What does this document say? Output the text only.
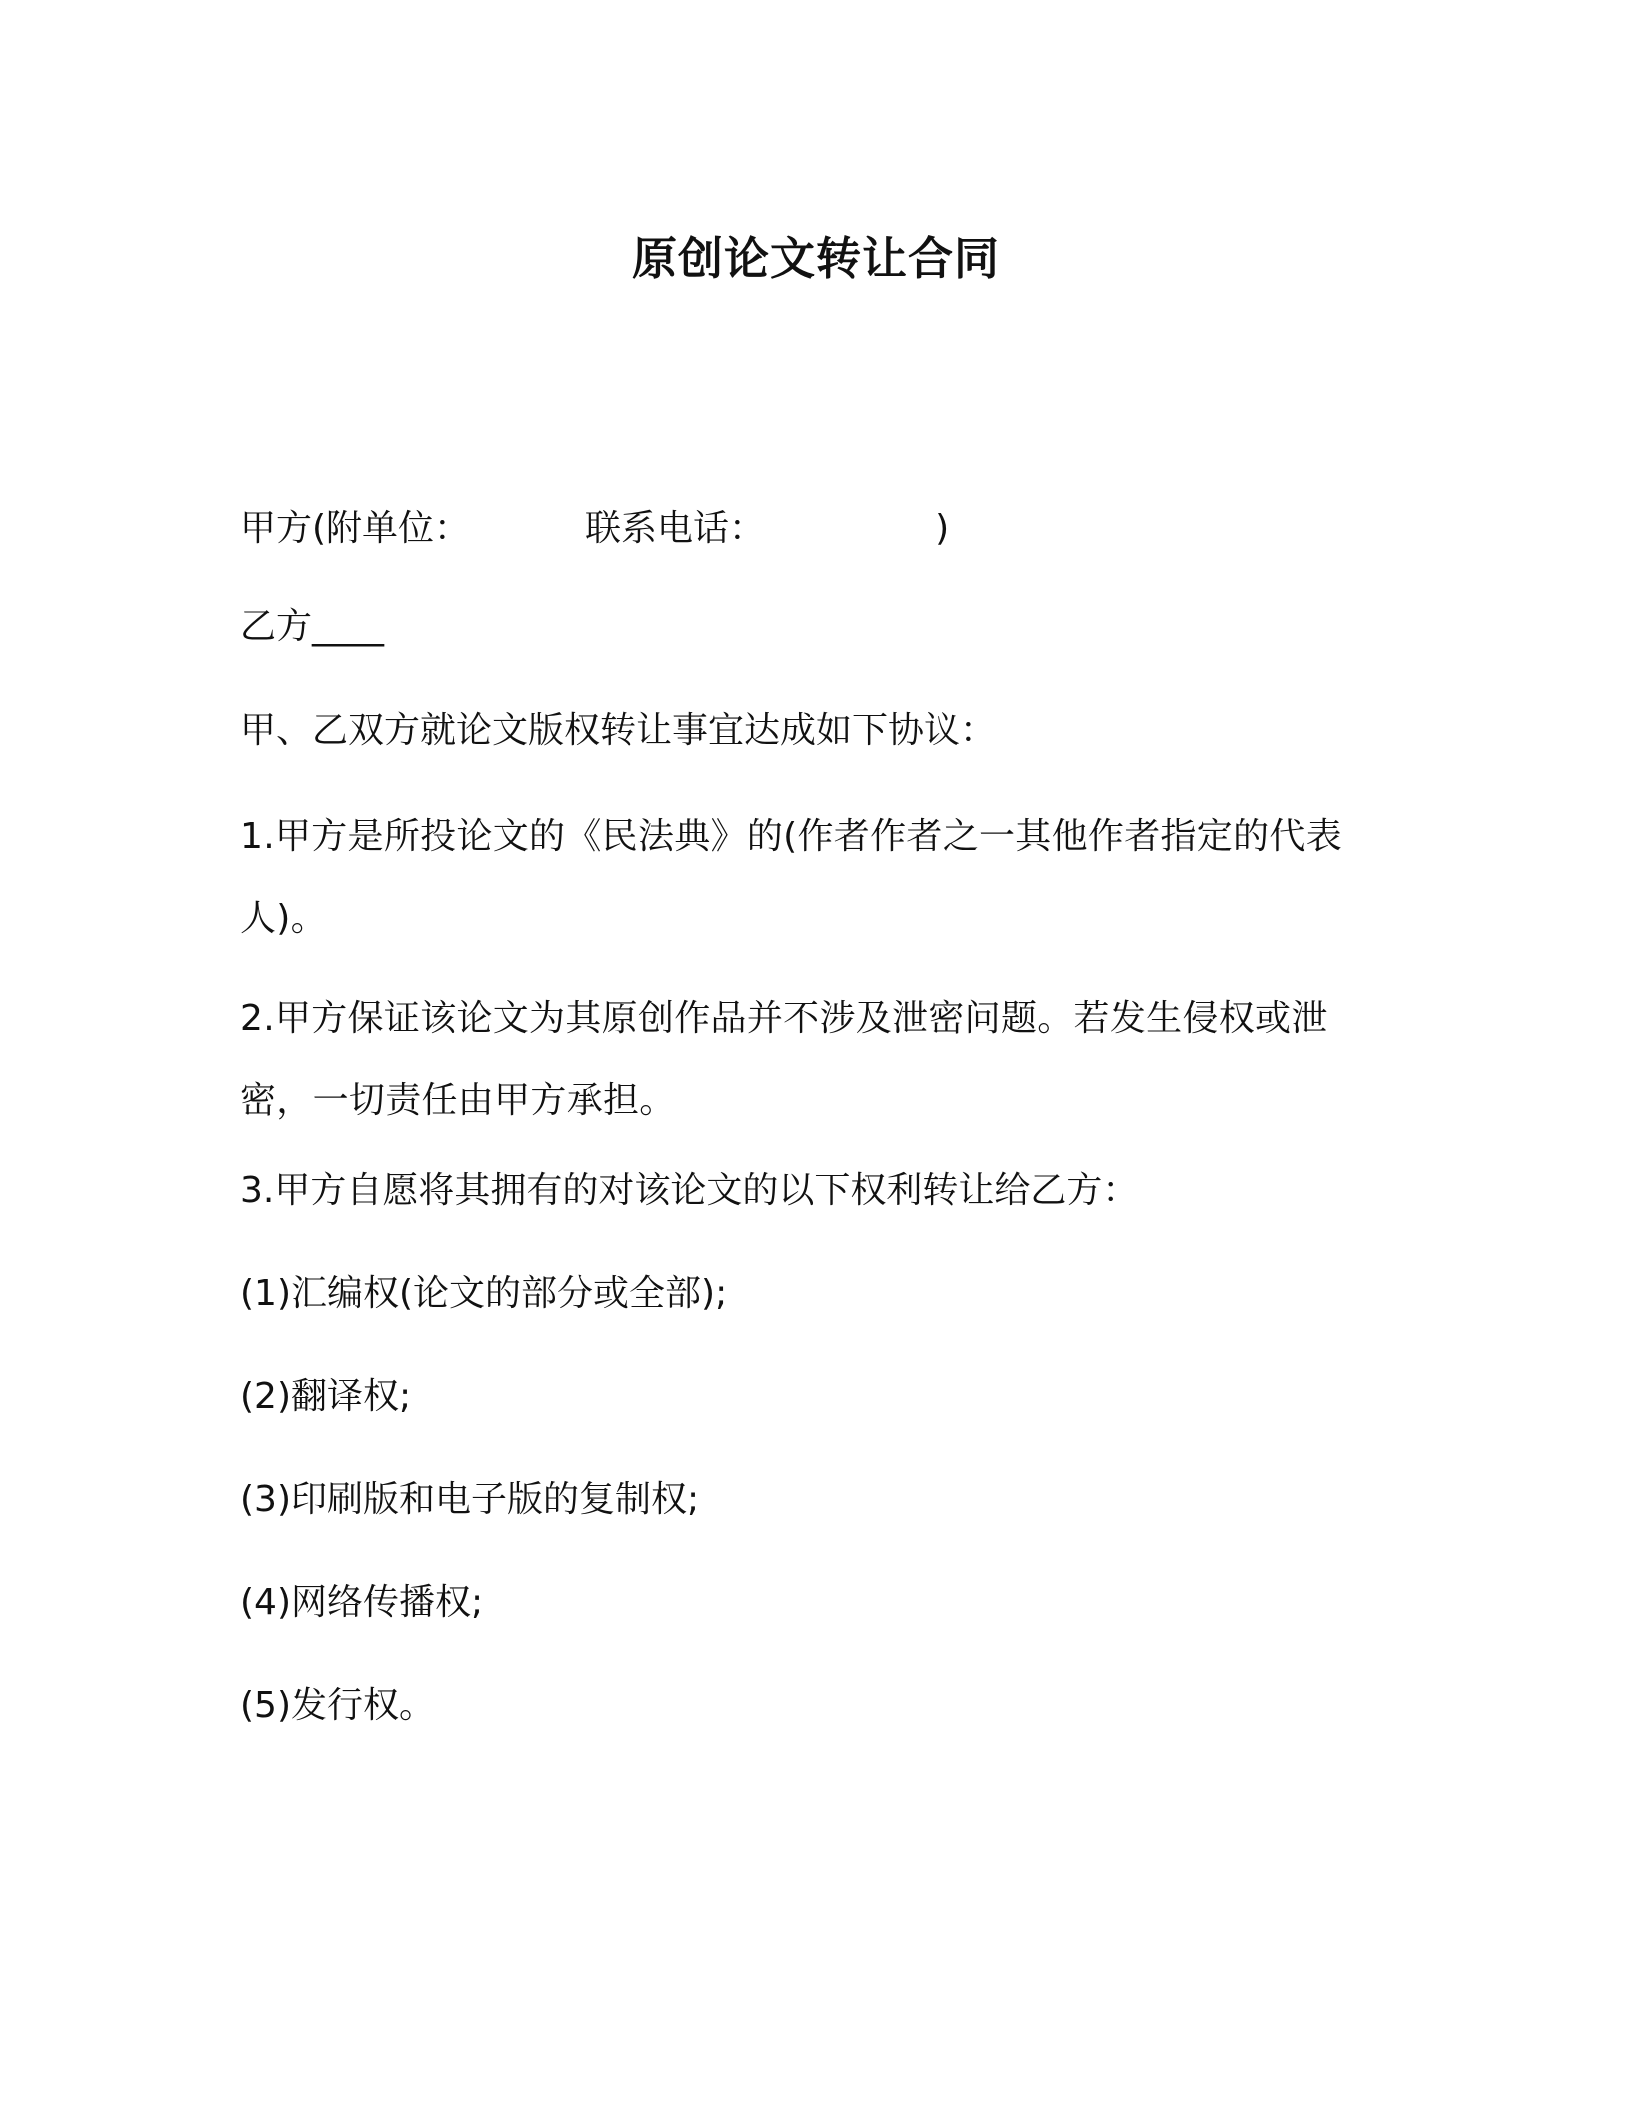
原创论文转让合同
甲方(附单位：	联系电话：	)
乙方____
甲、乙双方就论文版权转让事宜达成如下协议：
1.甲方是所投论文的《民法典》的(作者作者之一其他作者指定的代表人)。
2.甲方保证该论文为其原创作品并不涉及泄密问题。若发生侵权或泄密，一切责任由甲方承担。
3.甲方自愿将其拥有的对该论文的以下权利转让给乙方：
(1)汇编权(论文的部分或全部);
(2)翻译权;
(3)印刷版和电子版的复制权;
(4)网络传播权;
(5)发行权。
